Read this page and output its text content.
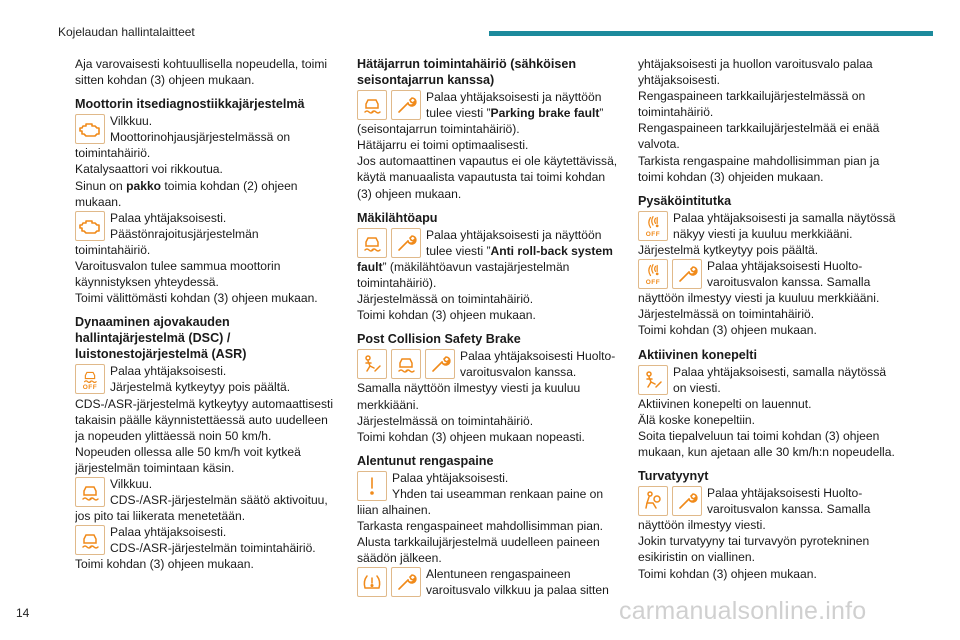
Kojelaudan hallintalaitteet

Aja varovaisesti kohtuullisella nopeudella, toimi sitten kohdan (3) ohjeen mukaan.

Moottorin itsediagnostiikkajärjestelmä
Vilkkuu.
Moottorinohjausjärjestelmässä on toimintahäiriö.
Katalysaattori voi rikkoutua.
Sinun on pakko toimia kohdan (2) ohjeen mukaan.
Palaa yhtäjaksoisesti.
Päästönrajoitusjärjestelmän toimintahäiriö.
Varoitusvalon tulee sammua moottorin käynnistyksen yhteydessä.
Toimi välittömästi kohdan (3) ohjeen mukaan.
Dynaaminen ajovakauden hallintajärjestelmä (DSC) / luistonestojärjestelmä (ASR)
OFF
Palaa yhtäjaksoisesti.
Järjestelmä kytkeytyy pois päältä.
CDS-/ASR-järjestelmä kytkeytyy automaattisesti takaisin päälle käynnistettäessä auto uudelleen ja nopeuden ylittäessä noin 50 km/h.
Nopeuden ollessa alle 50 km/h voit kytkeä järjestelmän toimintaan käsin.
Vilkkuu.
CDS-/ASR-järjestelmän säätö aktivoituu, jos pito tai liikerata menetetään.
Palaa yhtäjaksoisesti.
CDS-/ASR-järjestelmän toimintahäiriö.
Toimi kohdan (3) ohjeen mukaan.
Hätäjarrun toimintahäiriö (sähköisen seisontajarrun kanssa)
Palaa yhtäjaksoisesti ja näyttöön tulee viesti ”Parking brake fault” (seisontajarrun toimintahäiriö).
Hätäjarru ei toimi optimaalisesti.
Jos automaattinen vapautus ei ole käytettävissä, käytä manuaalista vapautusta tai toimi kohdan (3) ohjeen mukaan.
Mäkilähtöapu
Palaa yhtäjaksoisesti ja näyttöön tulee viesti ”Anti roll-back system fault” (mäkilähtöavun vastajärjestelmän toimintahäiriö).
Järjestelmässä on toimintahäiriö.
Toimi kohdan (3) ohjeen mukaan.
Post Collision Safety Brake
Palaa yhtäjaksoisesti Huolto-varoitusvalon kanssa. Samalla näyttöön ilmestyy viesti ja kuuluu merkkiääni.
Järjestelmässä on toimintahäiriö.
Toimi kohdan (3) ohjeen mukaan nopeasti.
Alentunut rengaspaine
Palaa yhtäjaksoisesti.
Yhden tai useamman renkaan paine on liian alhainen.
Tarkasta rengaspaineet mahdollisimman pian.
Alusta tarkkailujärjestelmä uudelleen paineen säädön jälkeen.
Alentuneen rengaspaineen varoitusvalo vilkkuu ja palaa sitten

yhtäjaksoisesti ja huollon varoitusvalo palaa yhtäjaksoisesti.

Rengaspaineen tarkkailujärjestelmässä on toimintahäiriö.

Rengaspaineen tarkkailujärjestelmää ei enää valvota.

Tarkista rengaspaine mahdollisimman pian ja toimi kohdan (3) ohjeiden mukaan.

Pysäköintitutka
OFF
Palaa yhtäjaksoisesti ja samalla näytössä näkyy viesti ja kuuluu merkkiääni.
Järjestelmä kytkeytyy pois päältä.
OFF
Palaa yhtäjaksoisesti Huolto-varoitusvalon kanssa. Samalla näyttöön ilmestyy viesti ja kuuluu merkkiääni.
Järjestelmässä on toimintahäiriö.
Toimi kohdan (3) ohjeen mukaan.
Aktiivinen konepelti
Palaa yhtäjaksoisesti, samalla näytössä on viesti.
Aktiivinen konepelti on lauennut.
Älä koske konepeltiin.
Soita tiepalveluun tai toimi kohdan (3) ohjeen mukaan, kun ajetaan alle 30 km/h:n nopeudella.
Turvatyynyt
Palaa yhtäjaksoisesti Huolto-varoitusvalon kanssa. Samalla näyttöön ilmestyy viesti.
Jokin turvatyyny tai turvavyön pyrotekninen esikiristin on viallinen.
Toimi kohdan (3) ohjeen mukaan.
14	carmanualsonline.info
